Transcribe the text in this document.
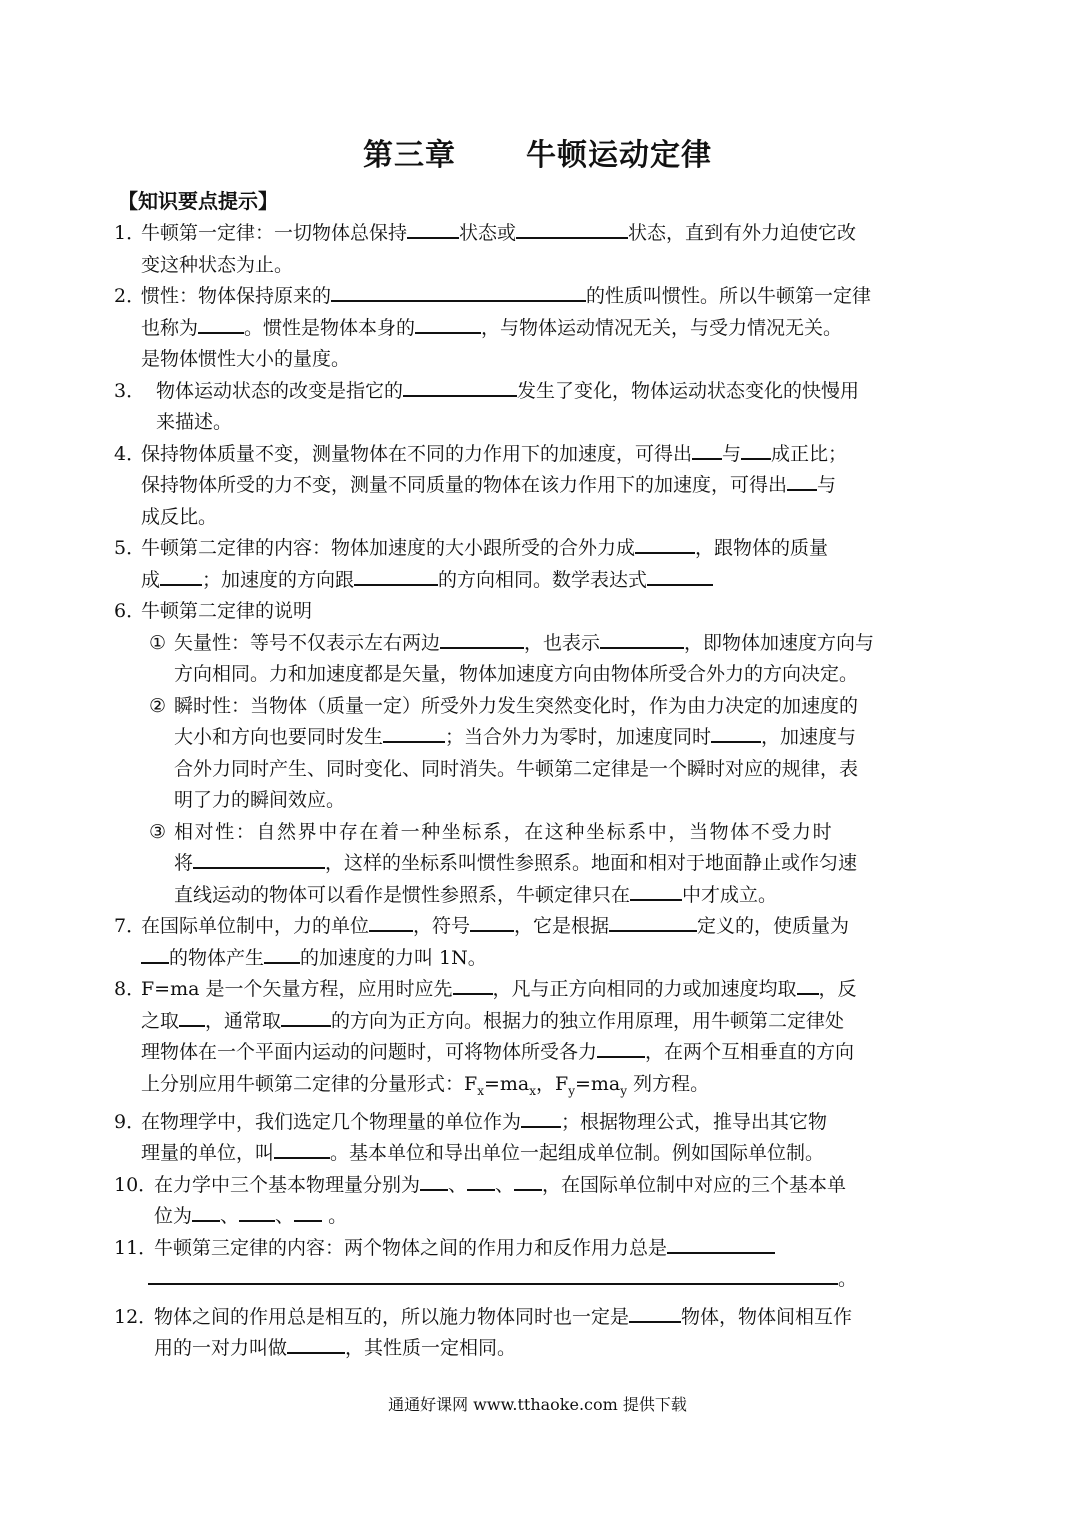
第三章 牛顿运动定律
【知识要点提示】
1．
牛顿第一定律：一切物体总保持	状态或	状态，直到有外力迫使它改
变这种状态为止。
2．
惯性：物体保持原来的	的性质叫惯性。所以牛顿第一定律
也称为 。惯性是物体本身的	，与物体运动情况无关，与受力情况无关。
是物体惯性大小的量度。
3． 物体运动状态的改变是指它的	发生了变化，物体运动状态变化的快慢用
来描述。
4．
保持物体质量不变，测量物体在不同的力作用下的加速度，可得出 与 成正比；
保持物体所受的力不变，测量不同质量的物体在该力作用下的加速度，可得出 与
成反比。
5．
牛顿第二定律的内容：物体加速度的大小跟所受的合外力成	，跟物体的质量
成 ；加速度的方向跟	的方向相同。数学表达式
6．
牛顿第二定律的说明
① 矢量性：等号不仅表示左右两边	，也表示	，即物体加速度方向与
方向相同。力和加速度都是矢量，物体加速度方向由物体所受合外力的方向决定。
② 瞬时性：当物体（质量一定）所受外力发生突然变化时，作为由力决定的加速度的
大小和方向也要同时发生	；当合外力为零时，加速度同时	，加速度与
合外力同时产生、同时变化、同时消失。牛顿第二定律是一个瞬时对应的规律，表
明了力的瞬间效应。
③ 相对性：自然界中存在着一种坐标系，在这种坐标系中，当物体不受力时
将	，这样的坐标系叫惯性参照系。地面和相对于地面静止或作匀速
直线运动的物体可以看作是惯性参照系，牛顿定律只在	中才成立。
7．
在国际单位制中，力的单位 ，符号 ，它是根据	定义的，使质量为
的物体产生 的加速度的力叫 1N。
8．
F=ma 是一个矢量方程，应用时应先 ，凡与正方向相同的力或加速度均取 ，反
之取 ，通常取	的方向为正方向。根据力的独立作用原理，用牛顿第二定律处
理物体在一个平面内运动的问题时，可将物体所受各力	，在两个互相垂直的方向
上分别应用牛顿第二定律的分量形式：$F_x=ma_x$，$F_y=ma_y$ 列方程。
9．
在物理学中，我们选定几个物理量的单位作为 ；根据物理公式，推导出其它物
理量的单位，叫	。基本单位和导出单位一起组成单位制。例如国际单位制。
10．
在力学中三个基本物理量分别为 、 、 ，在国际单位制中对应的三个基本单
位为 、 、 。
11．
牛顿第三定律的内容：两个物体之间的作用力和反作用力总是
。
12．
物体之间的作用总是相互的，所以施力物体同时也一定是	物体，物体间相互作
用的一对力叫做	，其性质一定相同。
通通好课网 www.tthaoke.com 提供下载
